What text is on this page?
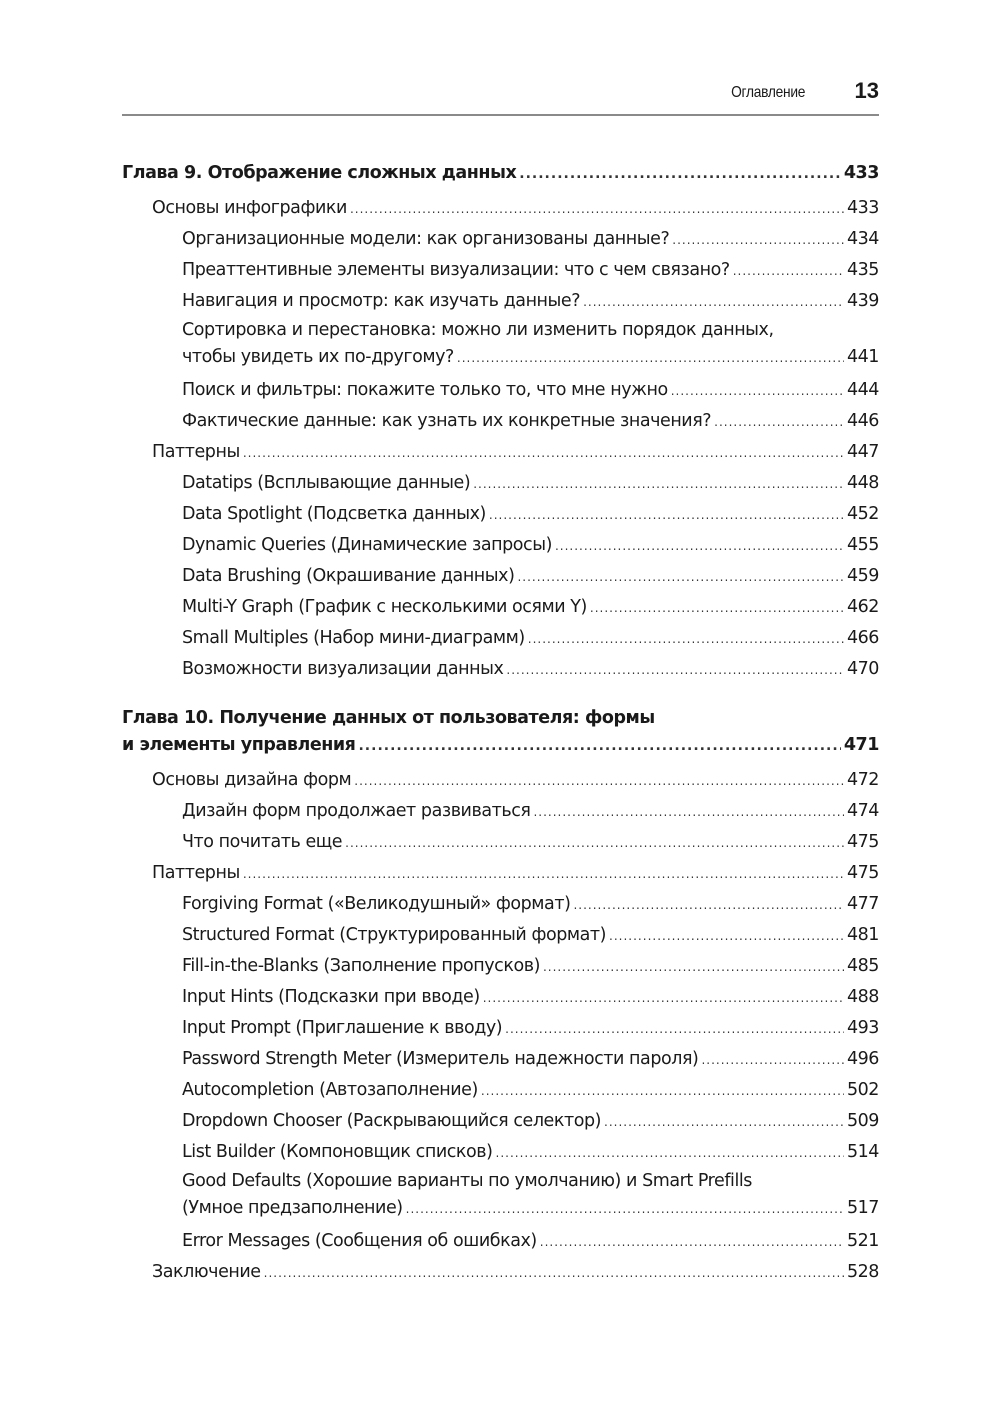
Оглавление 13
Глава 9. Отображение сложных данных .....	433
Основы инфографики .....	433
Организационные модели: как организованы данные? .....	434
Преаттентивные элементы визуализации: что с чем связано? .....	435
Навигация и просмотр: как изучать данные? .....	439
Сортировка и перестановка: можно ли изменить порядок данных,
чтобы увидеть их по-другому? .....	441
Поиск и фильтры: покажите только то, что мне нужно .....	444
Фактические данные: как узнать их конкретные значения? .....	446
Паттерны .....	447
Datatips (Всплывающие данные) .....	448
Data Spotlight (Подсветка данных) .....	452
Dynamic Queries (Динамические запросы) .....	455
Data Brushing (Окрашивание данных) .....	459
Multi-Y Graph (График с несколькими осями Y) .....	462
Small Multiples (Набор мини-диаграмм) .....	466
Возможности визуализации данных .....	470
Глава 10. Получение данных от пользователя: формы
и элементы управления .....	471
Основы дизайна форм .....	472
Дизайн форм продолжает развиваться .....	474
Что почитать еще .....	475
Паттерны .....	475
Forgiving Format («Великодушный» формат) .....	477
Structured Format (Структурированный формат) .....	481
Fill-in-the-Blanks (Заполнение пропусков) .....	485
Input Hints (Подсказки при вводе) .....	488
Input Prompt (Приглашение к вводу) .....	493
Password Strength Meter (Измеритель надежности пароля) .....	496
Autocompletion (Автозаполнение) .....	502
Dropdown Chooser (Раскрывающийся селектор) .....	509
List Builder (Компоновщик списков) .....	514
Good Defaults (Хорошие варианты по умолчанию) и Smart Prefills
(Умное предзаполнение) .....	517
Error Messages (Сообщения об ошибках) .....	521
Заключение .....	528
